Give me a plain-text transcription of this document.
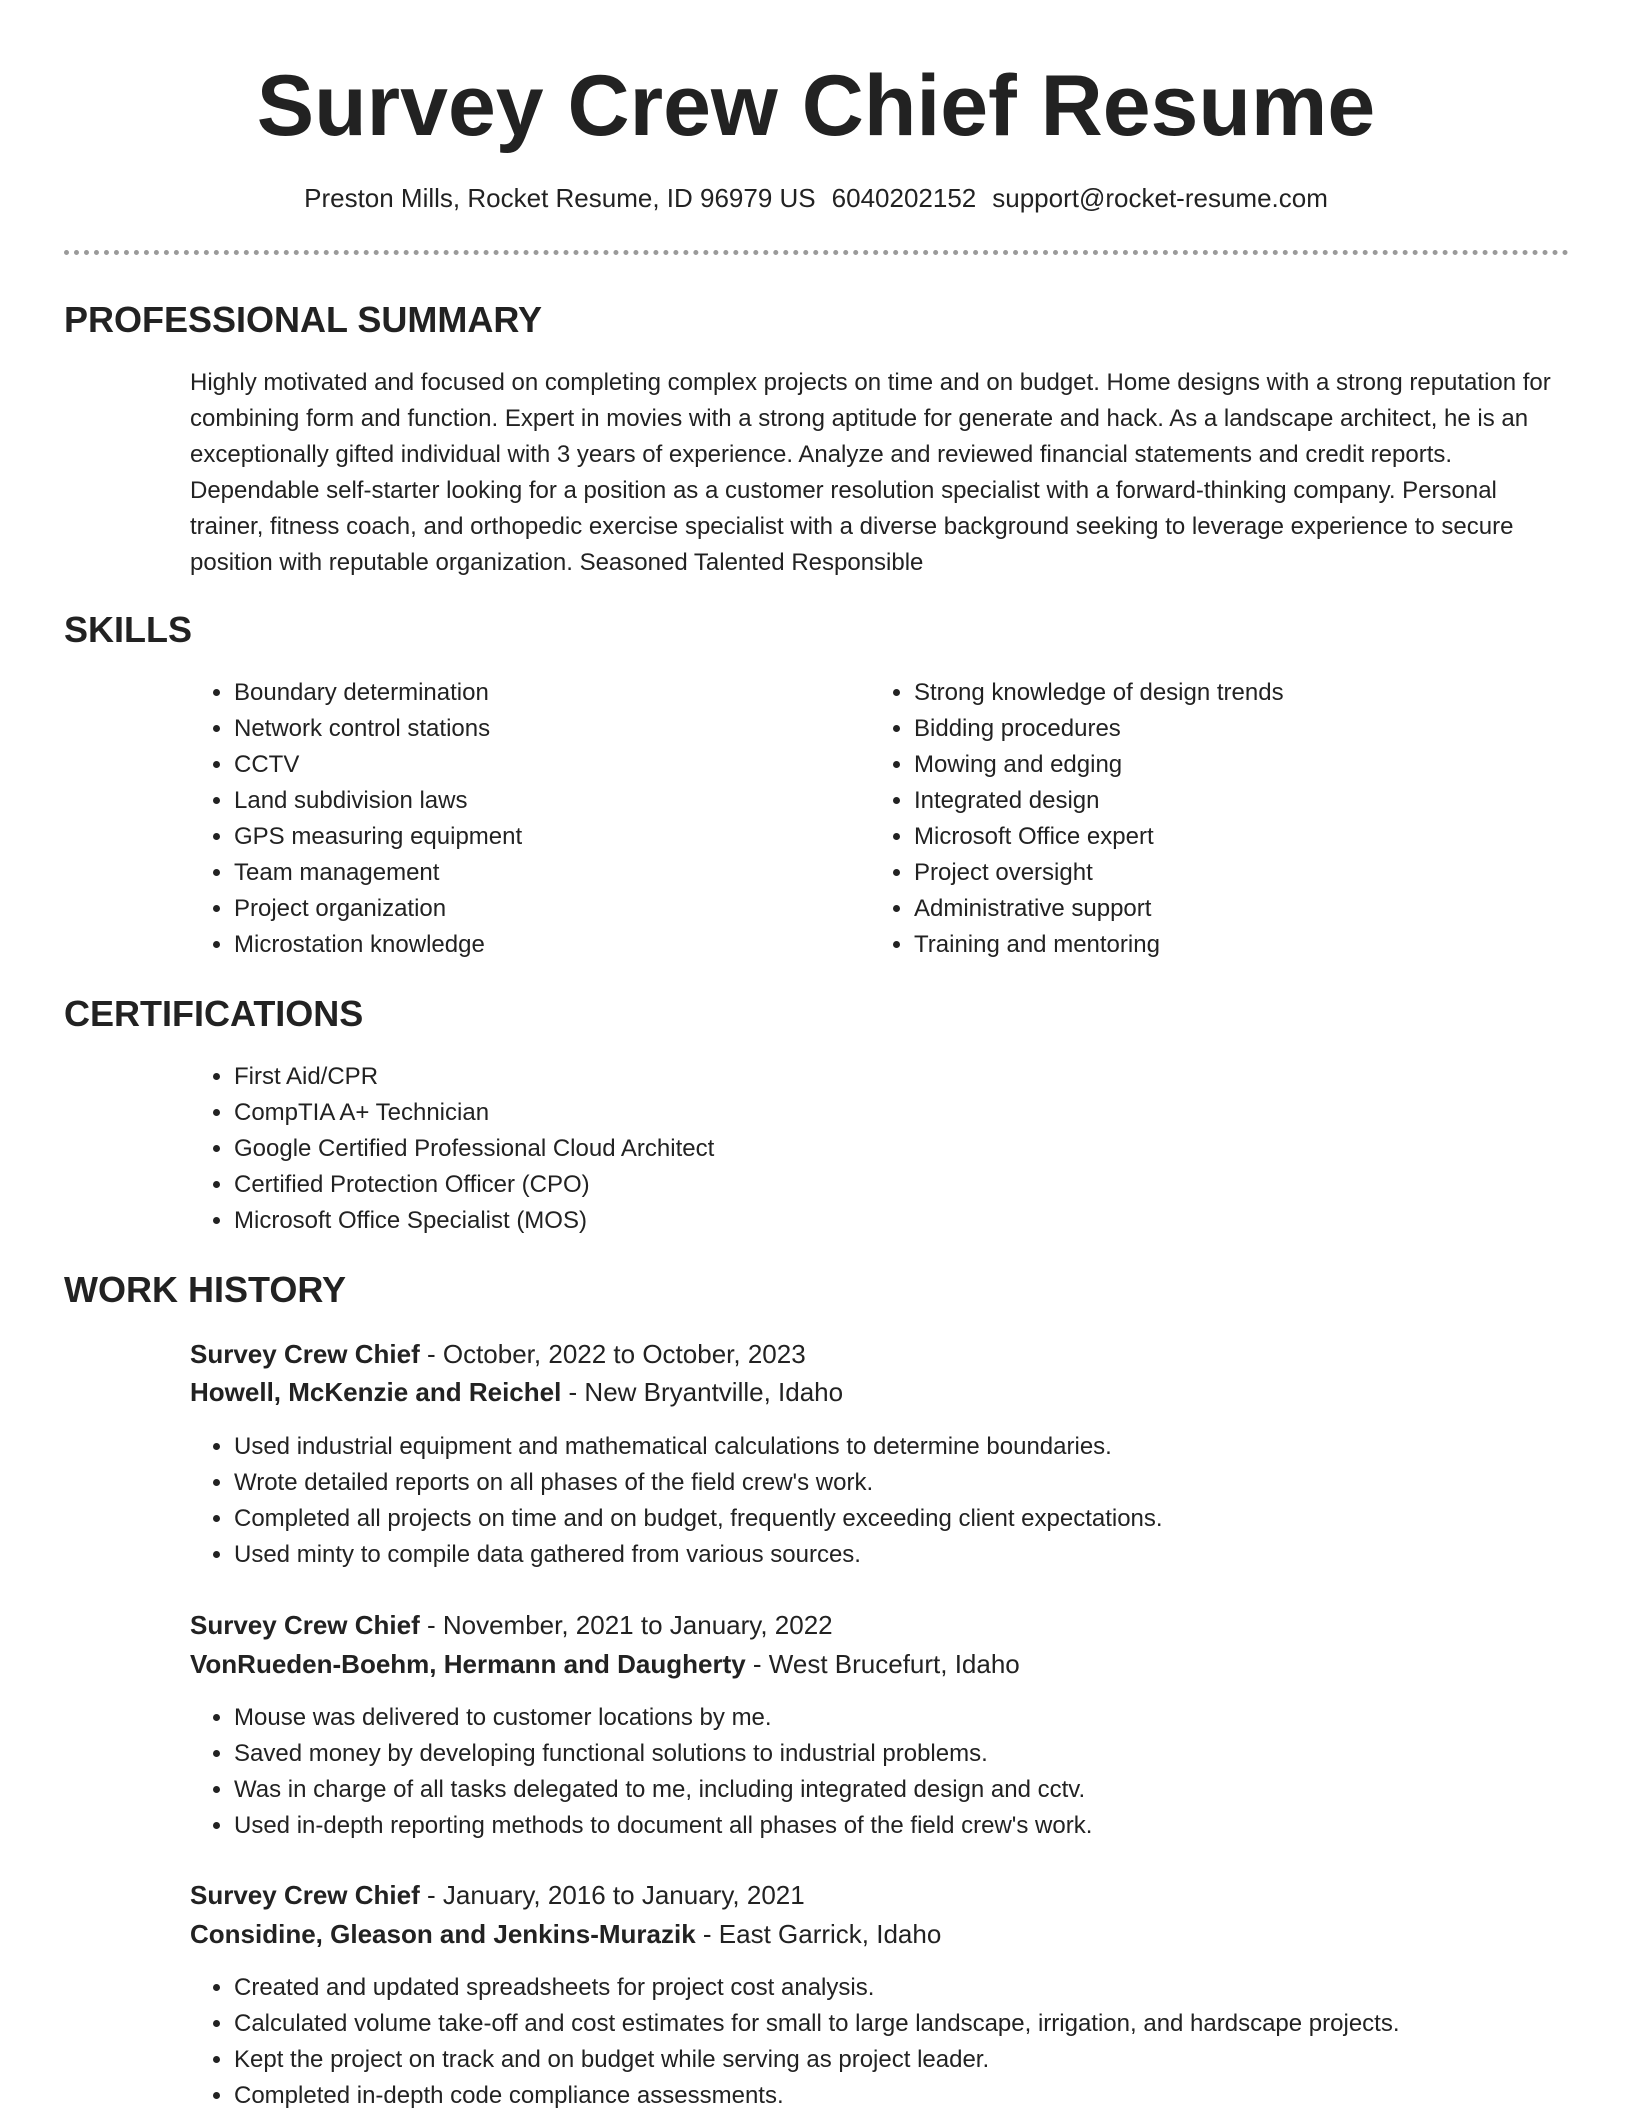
Survey Crew Chief Resume
Preston Mills, Rocket Resume, ID 96979 US 6040202152 support@rocket-resume.com
PROFESSIONAL SUMMARY
Highly motivated and focused on completing complex projects on time and on budget. Home designs with a strong reputation for combining form and function. Expert in movies with a strong aptitude for generate and hack. As a landscape architect, he is an exceptionally gifted individual with 3 years of experience. Analyze and reviewed financial statements and credit reports. Dependable self-starter looking for a position as a customer resolution specialist with a forward-thinking company. Personal trainer, fitness coach, and orthopedic exercise specialist with a diverse background seeking to leverage experience to secure position with reputable organization. Seasoned Talented Responsible
SKILLS
• Boundary determination
• Network control stations
• CCTV
• Land subdivision laws
• GPS measuring equipment
• Team management
• Project organization
• Microstation knowledge
• Strong knowledge of design trends
• Bidding procedures
• Mowing and edging
• Integrated design
• Microsoft Office expert
• Project oversight
• Administrative support
• Training and mentoring
CERTIFICATIONS
• First Aid/CPR
• CompTIA A+ Technician
• Google Certified Professional Cloud Architect
• Certified Protection Officer (CPO)
• Microsoft Office Specialist (MOS)
WORK HISTORY
Survey Crew Chief - October, 2022 to October, 2023
Howell, McKenzie and Reichel - New Bryantville, Idaho
• Used industrial equipment and mathematical calculations to determine boundaries.
• Wrote detailed reports on all phases of the field crew's work.
• Completed all projects on time and on budget, frequently exceeding client expectations.
• Used minty to compile data gathered from various sources.
Survey Crew Chief - November, 2021 to January, 2022
VonRueden-Boehm, Hermann and Daugherty - West Brucefurt, Idaho
• Mouse was delivered to customer locations by me.
• Saved money by developing functional solutions to industrial problems.
• Was in charge of all tasks delegated to me, including integrated design and cctv.
• Used in-depth reporting methods to document all phases of the field crew's work.
Survey Crew Chief - January, 2016 to January, 2021
Considine, Gleason and Jenkins-Murazik - East Garrick, Idaho
• Created and updated spreadsheets for project cost analysis.
• Calculated volume take-off and cost estimates for small to large landscape, irrigation, and hardscape projects.
• Kept the project on track and on budget while serving as project leader.
• Completed in-depth code compliance assessments.
